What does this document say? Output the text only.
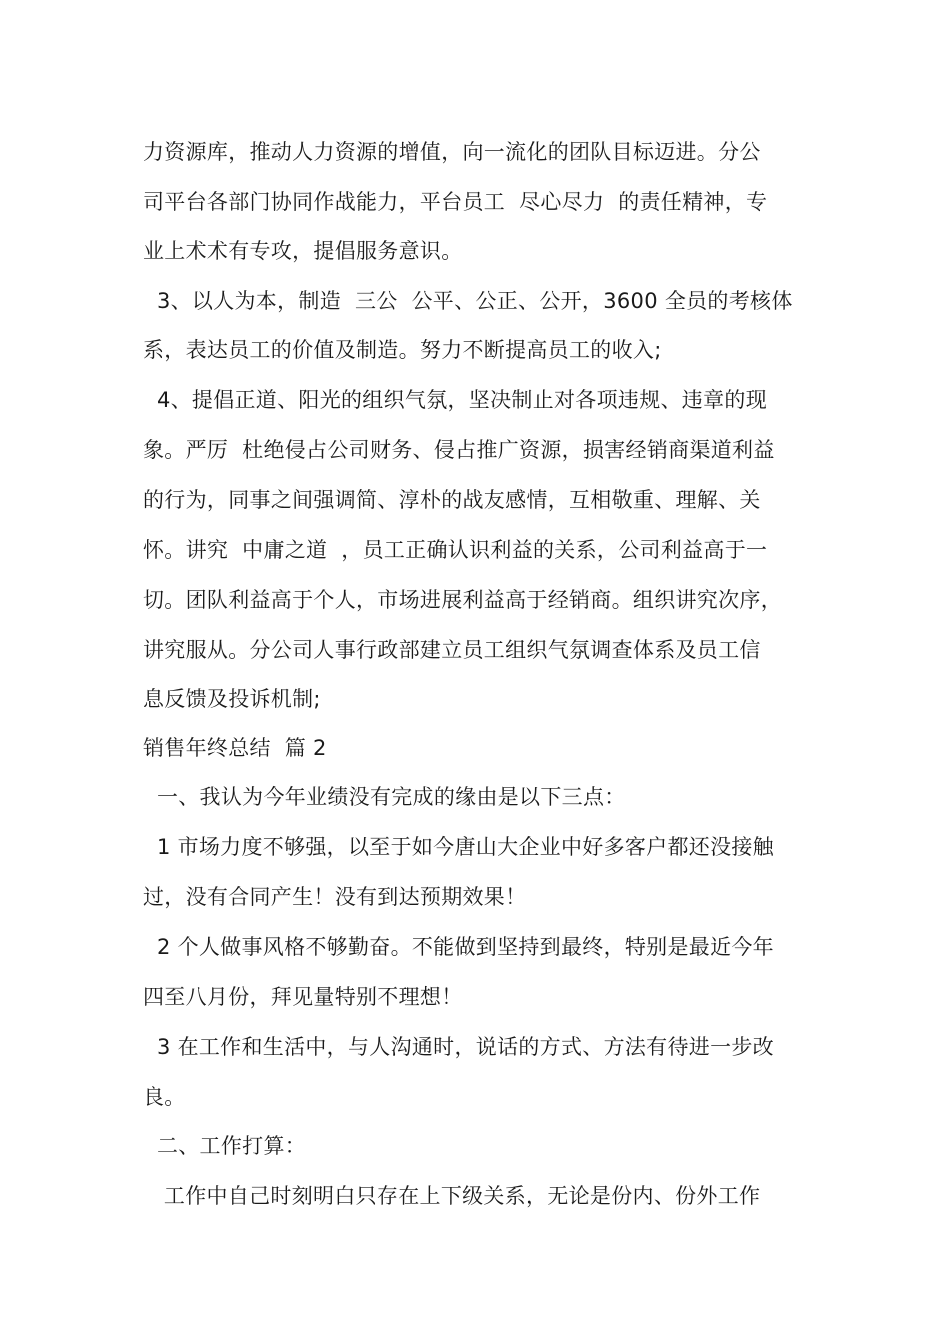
力资源库，推动人力资源的增值，向一流化的团队目标迈进。分公
司平台各部门协同作战能力，平台员工  尽心尽力  的责任精神，专
业上术术有专攻，提倡服务意识。
3、以人为本，制造  三公  公平、公正、公开，3600 全员的考核体
系，表达员工的价值及制造。努力不断提高员工的收入;
4、提倡正道、阳光的组织气氛，坚决制止对各项违规、违章的现
象。严厉  杜绝侵占公司财务、侵占推广资源，损害经销商渠道利益
的行为，同事之间强调简、淳朴的战友感情，互相敬重、理解、关
怀。讲究  中庸之道  ，员工正确认识利益的关系，公司利益高于一
切。团队利益高于个人，市场进展利益高于经销商。组织讲究次序，
讲究服从。分公司人事行政部建立员工组织气氛调查体系及员工信
息反馈及投诉机制;
销售年终总结  篇 2
一、我认为今年业绩没有完成的缘由是以下三点：
1 市场力度不够强，以至于如今唐山大企业中好多客户都还没接触
过，没有合同产生！没有到达预期效果！
2 个人做事风格不够勤奋。不能做到坚持到最终，特别是最近今年
四至八月份，拜见量特别不理想！
3 在工作和生活中，与人沟通时，说话的方式、方法有待进一步改
良。
二、工作打算：
工作中自己时刻明白只存在上下级关系，无论是份内、份外工作
